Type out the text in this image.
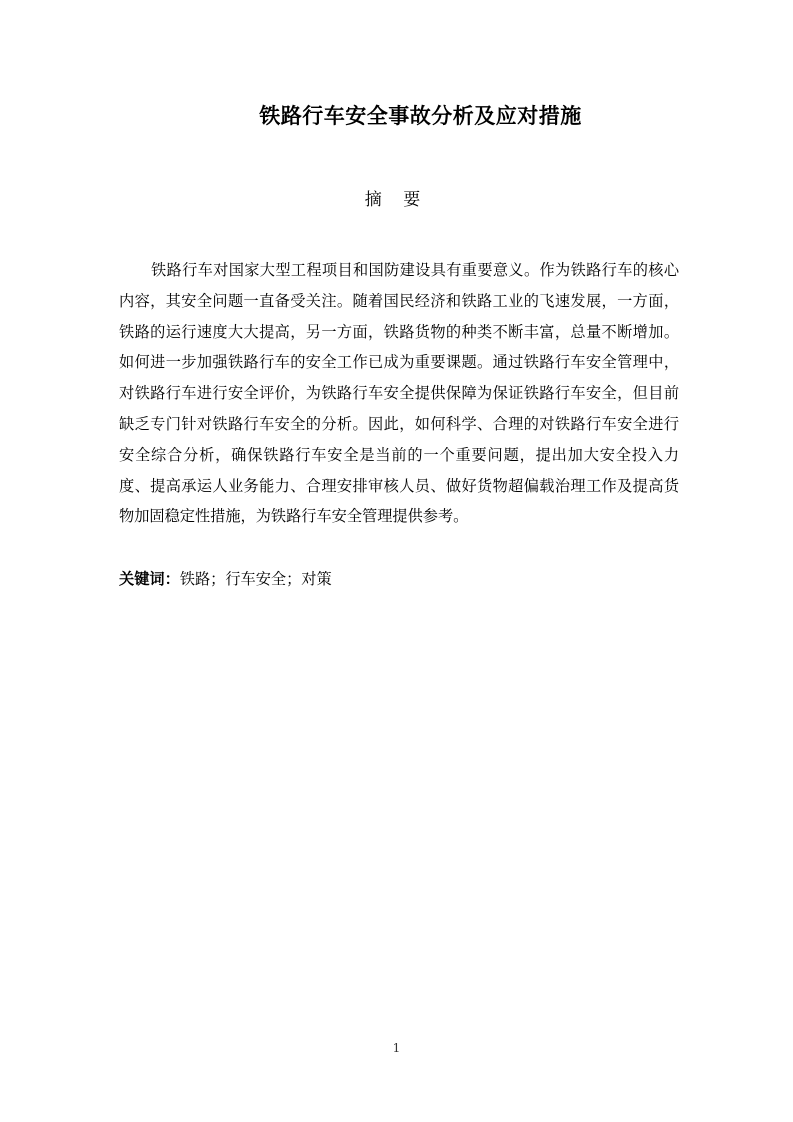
铁路行车安全事故分析及应对措施
摘 要

铁路行车对国家大型工程项目和国防建设具有重要意义。作为铁路行车的核心内容，其安全问题一直备受关注。随着国民经济和铁路工业的飞速发展，一方面，铁路的运行速度大大提高，另一方面，铁路货物的种类不断丰富，总量不断增加。如何进一步加强铁路行车的安全工作已成为重要课题。通过铁路行车安全管理中，对铁路行车进行安全评价，为铁路行车安全提供保障为保证铁路行车安全，但目前缺乏专门针对铁路行车安全的分析。因此，如何科学、合理的对铁路行车安全进行安全综合分析，确保铁路行车安全是当前的一个重要问题，提出加大安全投入力度、提高承运人业务能力、合理安排审核人员、做好货物超偏载治理工作及提高货物加固稳定性措施，为铁路行车安全管理提供参考。

关键词：铁路；行车安全；对策
1
